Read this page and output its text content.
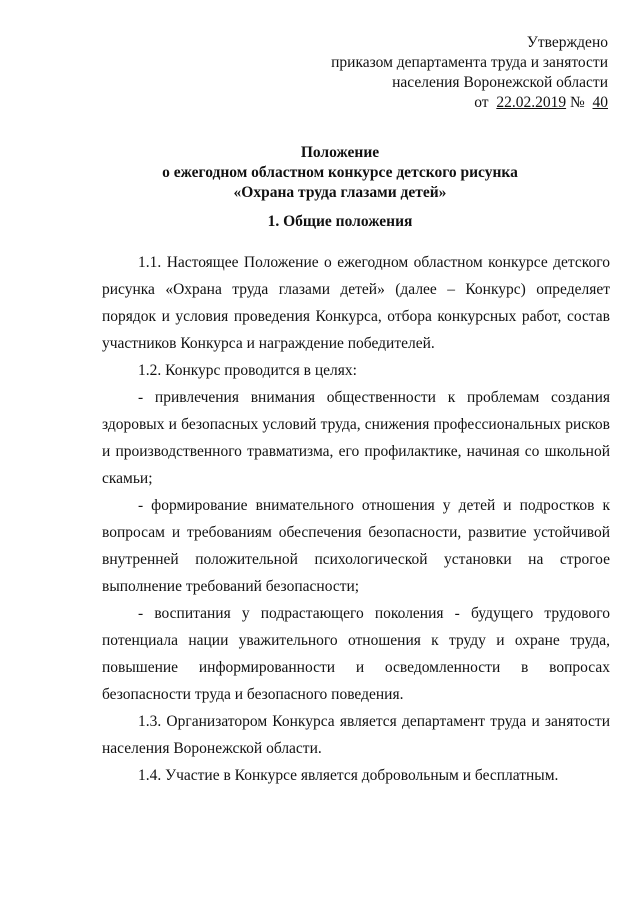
Утверждено
приказом департамента труда и занятости
населения Воронежской области
от 22.02.2019 № 40
Положение
о ежегодном областном конкурсе детского рисунка
«Охрана труда глазами детей»
1. Общие положения

1.1. Настоящее Положение о ежегодном областном конкурсе детского рисунка «Охрана труда глазами детей» (далее – Конкурс) определяет порядок и условия проведения Конкурса, отбора конкурсных работ, состав участников Конкурса и награждение победителей.

1.2. Конкурс проводится в целях:

- привлечения внимания общественности к проблемам создания здоровых и безопасных условий труда, снижения профессиональных рисков и производственного травматизма, его профилактике, начиная со школьной скамьи;

- формирование внимательного отношения у детей и подростков к вопросам и требованиям обеспечения безопасности, развитие устойчивой внутренней положительной психологической установки на строгое выполнение требований безопасности;

- воспитания у подрастающего поколения - будущего трудового потенциала нации уважительного отношения к труду и охране труда, повышение информированности и осведомленности в вопросах безопасности труда и безопасного поведения.

1.3. Организатором Конкурса является департамент труда и занятости населения Воронежской области.

1.4. Участие в Конкурсе является добровольным и бесплатным.
